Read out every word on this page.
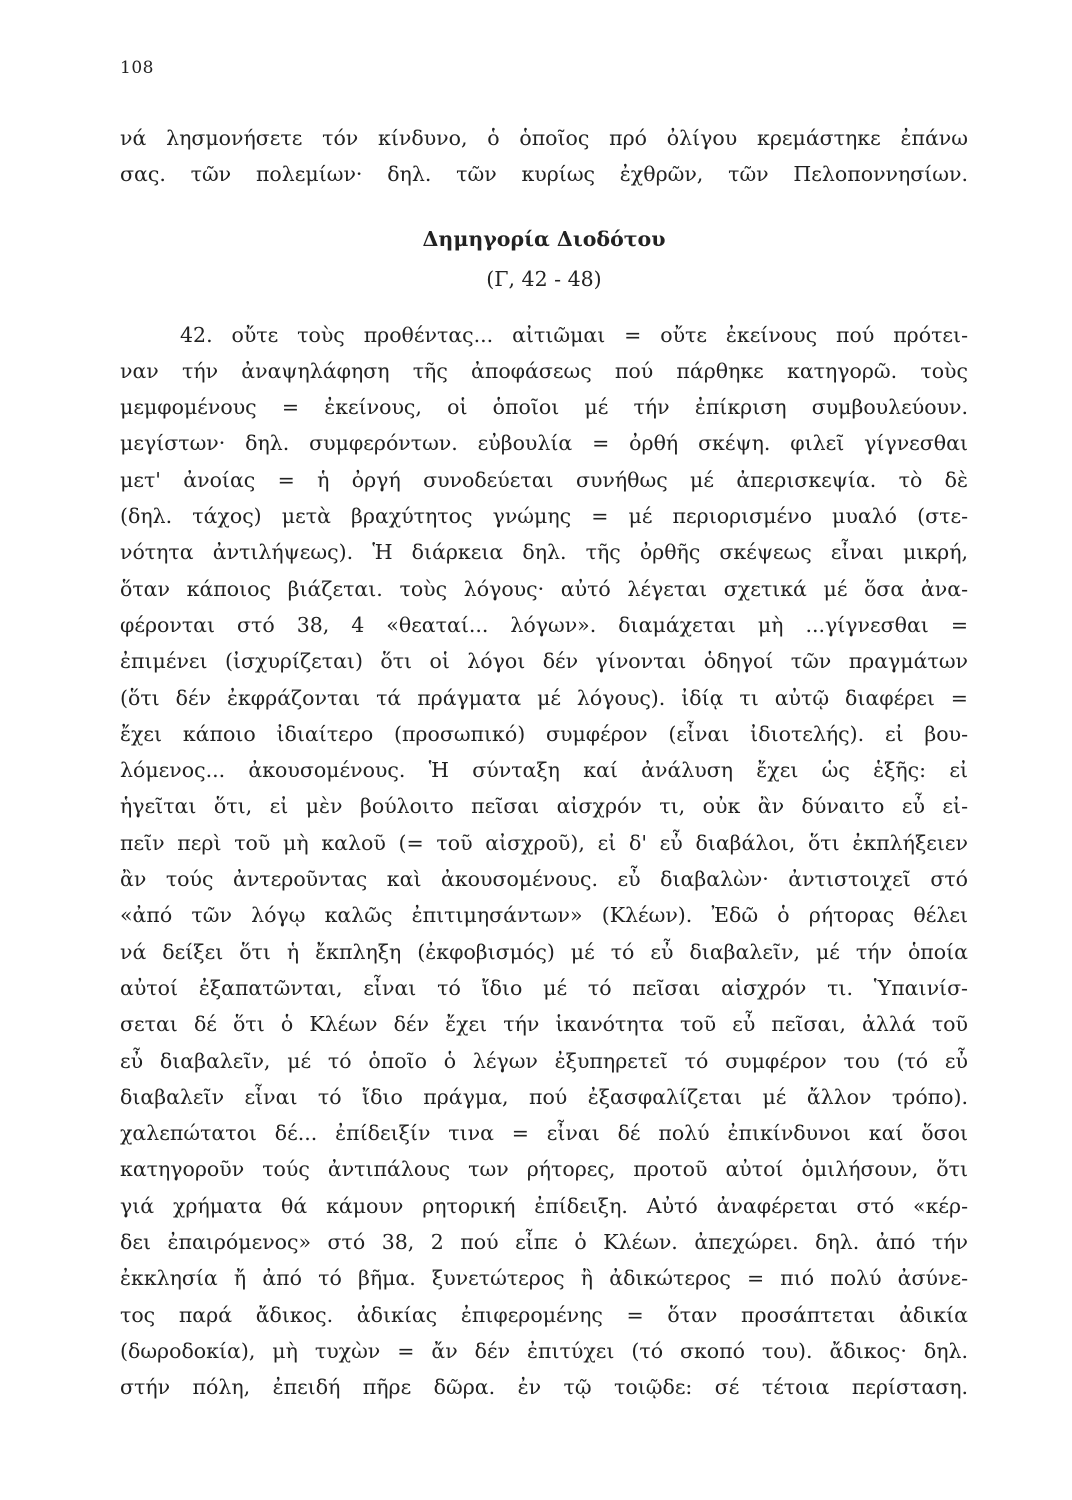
108
νά λησμονήσετε τόν κίνδυνο, ὁ ὁποῖος πρό ὀλίγου κρεμάστηκε ἐπάνω
σας. τῶν πολεμίων· δηλ. τῶν κυρίως ἐχθρῶν, τῶν Πελοποννησίων.
Δημηγορία Διοδότου
(Γ, 42 - 48)
42. οὔτε τοὺς προθέντας... αἰτιῶμαι = οὔτε ἐκείνους πού πρότει-
ναν τήν ἀναψηλάφηση τῆς ἀποφάσεως πού πάρθηκε κατηγορῶ. τοὺς
μεμφομένους = ἐκείνους, οἱ ὁποῖοι μέ τήν ἐπίκριση συμβουλεύουν.
μεγίστων· δηλ. συμφερόντων. εὐβουλία = ὀρθή σκέψη. φιλεῖ γίγνεσθαι
μετ' ἀνοίας = ἡ ὀργή συνοδεύεται συνήθως μέ ἀπερισκεψία. τὸ δὲ
(δηλ. τάχος) μετὰ βραχύτητος γνώμης = μέ περιορισμένο μυαλό (στε-
νότητα ἀντιλήψεως). Ἡ διάρκεια δηλ. τῆς ὀρθῆς σκέψεως εἶναι μικρή,
ὅταν κάποιος βιάζεται. τοὺς λόγους· αὐτό λέγεται σχετικά μέ ὅσα ἀνα-
φέρονται στό 38, 4 «θεαταί... λόγων». διαμάχεται μὴ ...γίγνεσθαι =
ἐπιμένει (ἰσχυρίζεται) ὅτι οἱ λόγοι δέν γίνονται ὁδηγοί τῶν πραγμάτων
(ὅτι δέν ἐκφράζονται τά πράγματα μέ λόγους). ἰδίᾳ τι αὐτῷ διαφέρει =
ἔχει κάποιο ἰδιαίτερο (προσωπικό) συμφέρον (εἶναι ἰδιοτελής). εἰ βου-
λόμενος... ἀκουσομένους. Ἡ σύνταξη καί ἀνάλυση ἔχει ὡς ἑξῆς: εἰ
ἡγεῖται ὅτι, εἰ μὲν βούλοιτο πεῖσαι αἰσχρόν τι, οὐκ ἂν δύναιτο εὖ εἰ-
πεῖν περὶ τοῦ μὴ καλοῦ (= τοῦ αἰσχροῦ), εἰ δ' εὖ διαβάλοι, ὅτι ἐκπλήξειεν
ἂν τούς ἀντεροῦντας καὶ ἀκουσομένους. εὖ διαβαλὼν· ἀντιστοιχεῖ στό
«ἀπό τῶν λόγῳ καλῶς ἐπιτιμησάντων» (Κλέων). Ἐδῶ ὁ ρήτορας θέλει
νά δείξει ὅτι ἡ ἔκπληξη (ἐκφοβισμός) μέ τό εὖ διαβαλεῖν, μέ τήν ὁποία
αὐτοί ἐξαπατῶνται, εἶναι τό ἴδιο μέ τό πεῖσαι αἰσχρόν τι. Ὑπαινίσ-
σεται δέ ὅτι ὁ Κλέων δέν ἔχει τήν ἱκανότητα τοῦ εὖ πεῖσαι, ἀλλά τοῦ
εὖ διαβαλεῖν, μέ τό ὁποῖο ὁ λέγων ἐξυπηρετεῖ τό συμφέρον του (τό εὖ
διαβαλεῖν εἶναι τό ἴδιο πράγμα, πού ἐξασφαλίζεται μέ ἄλλον τρόπο).
χαλεπώτατοι δέ... ἐπίδειξίν τινα = εἶναι δέ πολύ ἐπικίνδυνοι καί ὅσοι
κατηγοροῦν τούς ἀντιπάλους των ρήτορες, προτοῦ αὐτοί ὁμιλήσουν, ὅτι
γιά χρήματα θά κάμουν ρητορική ἐπίδειξη. Αὐτό ἀναφέρεται στό «κέρ-
δει ἐπαιρόμενος» στό 38, 2 πού εἶπε ὁ Κλέων. ἀπεχώρει. δηλ. ἀπό τήν
ἐκκλησία ἤ ἀπό τό βῆμα. ξυνετώτερος ἢ ἀδικώτερος = πιό πολύ ἀσύνε-
τος παρά ἄδικος. ἀδικίας ἐπιφερομένης = ὅταν προσάπτεται ἀδικία
(δωροδοκία), μὴ τυχὼν = ἄν δέν ἐπιτύχει (τό σκοπό του). ἄδικος· δηλ.
στήν πόλη, ἐπειδή πῆρε δῶρα. ἐν τῷ τοιῷδε: σέ τέτοια περίσταση.
